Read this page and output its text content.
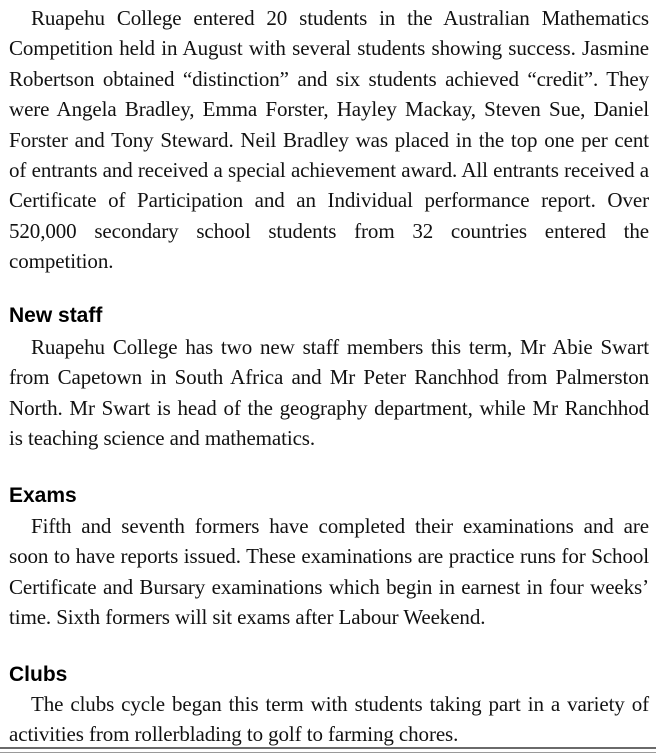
Ruapehu College entered 20 students in the Australian Mathematics Competition held in August with several students showing success. Jasmine Robertson obtained “distinction” and six students achieved “credit”. They were Angela Bradley, Emma Forster, Hayley Mackay, Steven Sue, Daniel Forster and Tony Steward. Neil Bradley was placed in the top one per cent of entrants and received a special achievement award. All entrants received a Certificate of Participation and an Individual performance report. Over 520,000 secondary school students from 32 countries entered the competition.

New staff

Ruapehu College has two new staff members this term, Mr Abie Swart from Capetown in South Africa and Mr Peter Ranchhod from Palmerston North. Mr Swart is head of the geography department, while Mr Ranchhod is teaching science and mathematics.

Exams

Fifth and seventh formers have completed their examinations and are soon to have reports issued. These examinations are practice runs for School Certificate and Bursary examinations which begin in earnest in four weeks’ time. Sixth formers will sit exams after Labour Weekend.

Clubs

The clubs cycle began this term with students taking part in a variety of activities from rollerblading to golf to farming chores.
